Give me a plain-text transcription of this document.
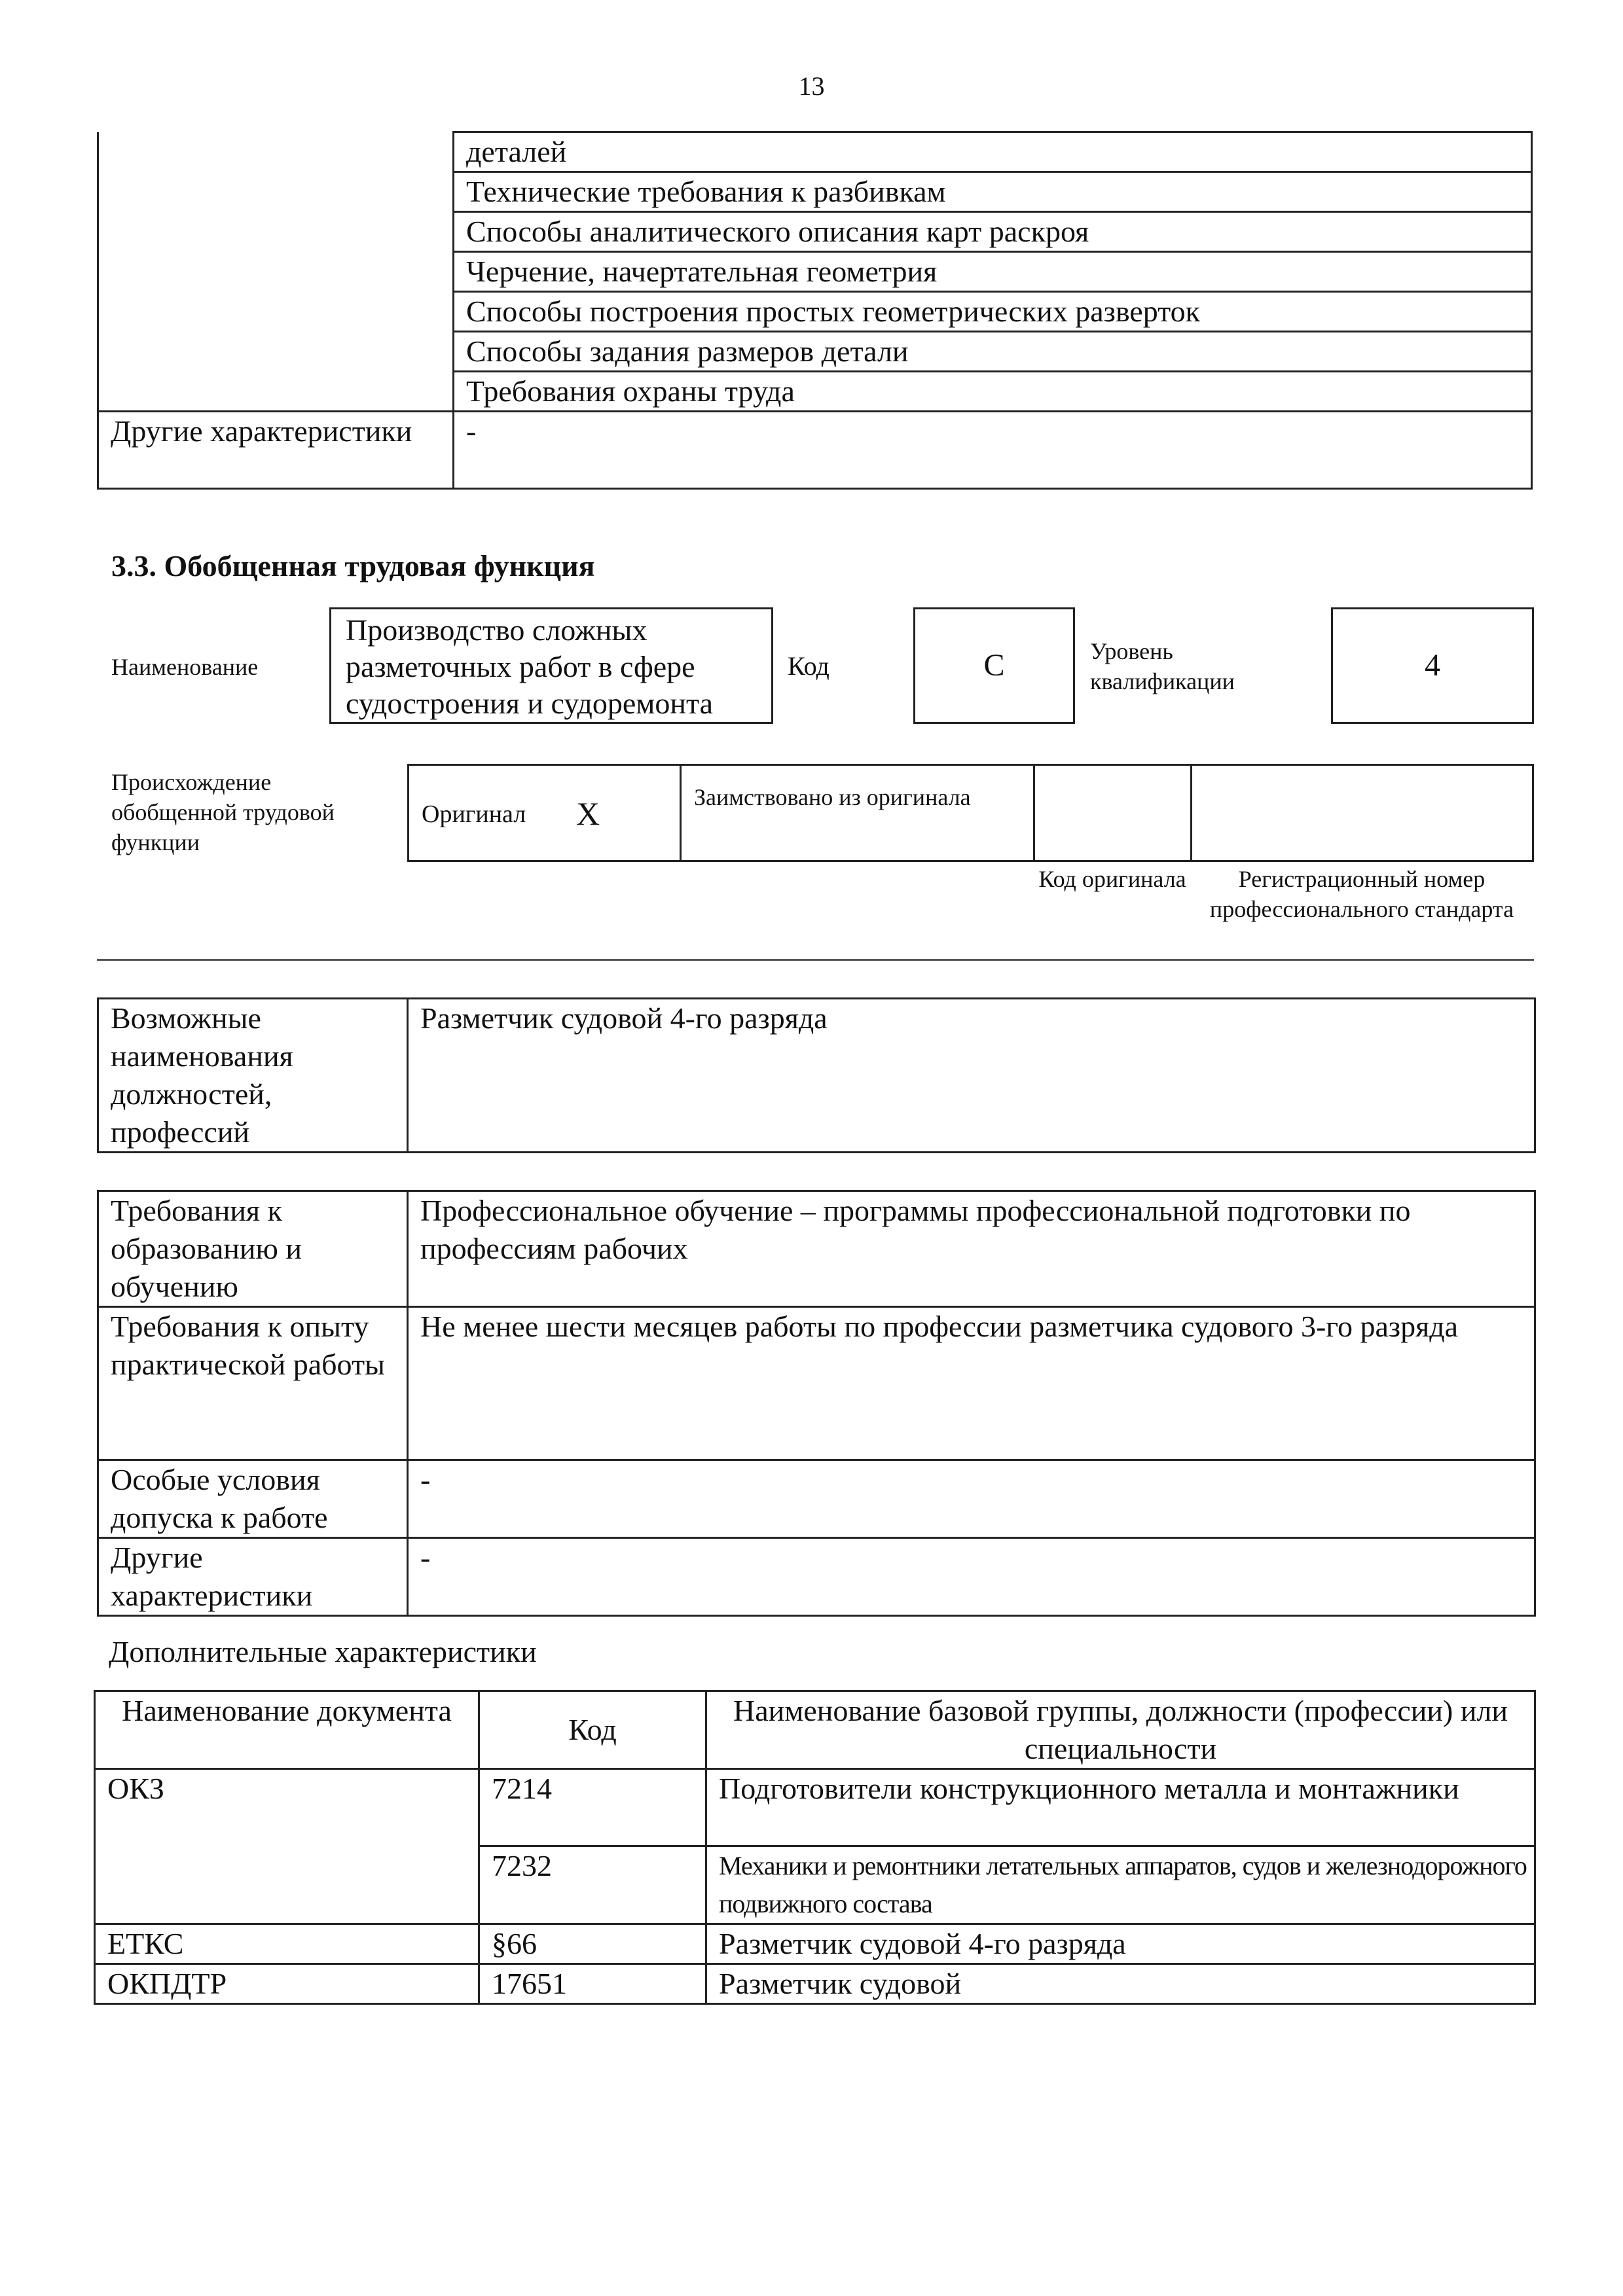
13
	деталей
	Технические требования к разбивкам
	Способы аналитического описания карт раскроя
	Черчение, начертательная геометрия
	Способы построения простых геометрических разверток
	Способы задания размеров детали
	Требования охраны труда
Другие характеристики	-
3.3. Обобщенная трудовая функция
Наименование
Производство сложных разметочных работ в сфере судостроения и судоремонта
Код	C	Уровень квалификации	4
Происхождение обобщенной трудовой функции
Оригинал X	Заимствовано из оригинала
Код оригинала	Регистрационный номер профессионального стандарта
Возможные наименования должностей, профессий	Разметчик судовой 4-го разряда
Требования к образованию и обучению	Профессиональное обучение – программы профессиональной подготовки по профессиям рабочих
Требования к опыту практической работы	Не менее шести месяцев работы по профессии разметчика судового 3-го разряда
Особые условия допуска к работе	-
Другие характеристики	-
Дополнительные характеристики
Наименование документа	Код	Наименование базовой группы, должности (профессии) или специальности
ОКЗ	7214	Подготовители конструкционного металла и монтажники
	7232	Механики и ремонтники летательных аппаратов, судов и железнодорожного подвижного состава
ЕТКС	§66	Разметчик судовой 4-го разряда
ОКПДТР	17651	Разметчик судовой
